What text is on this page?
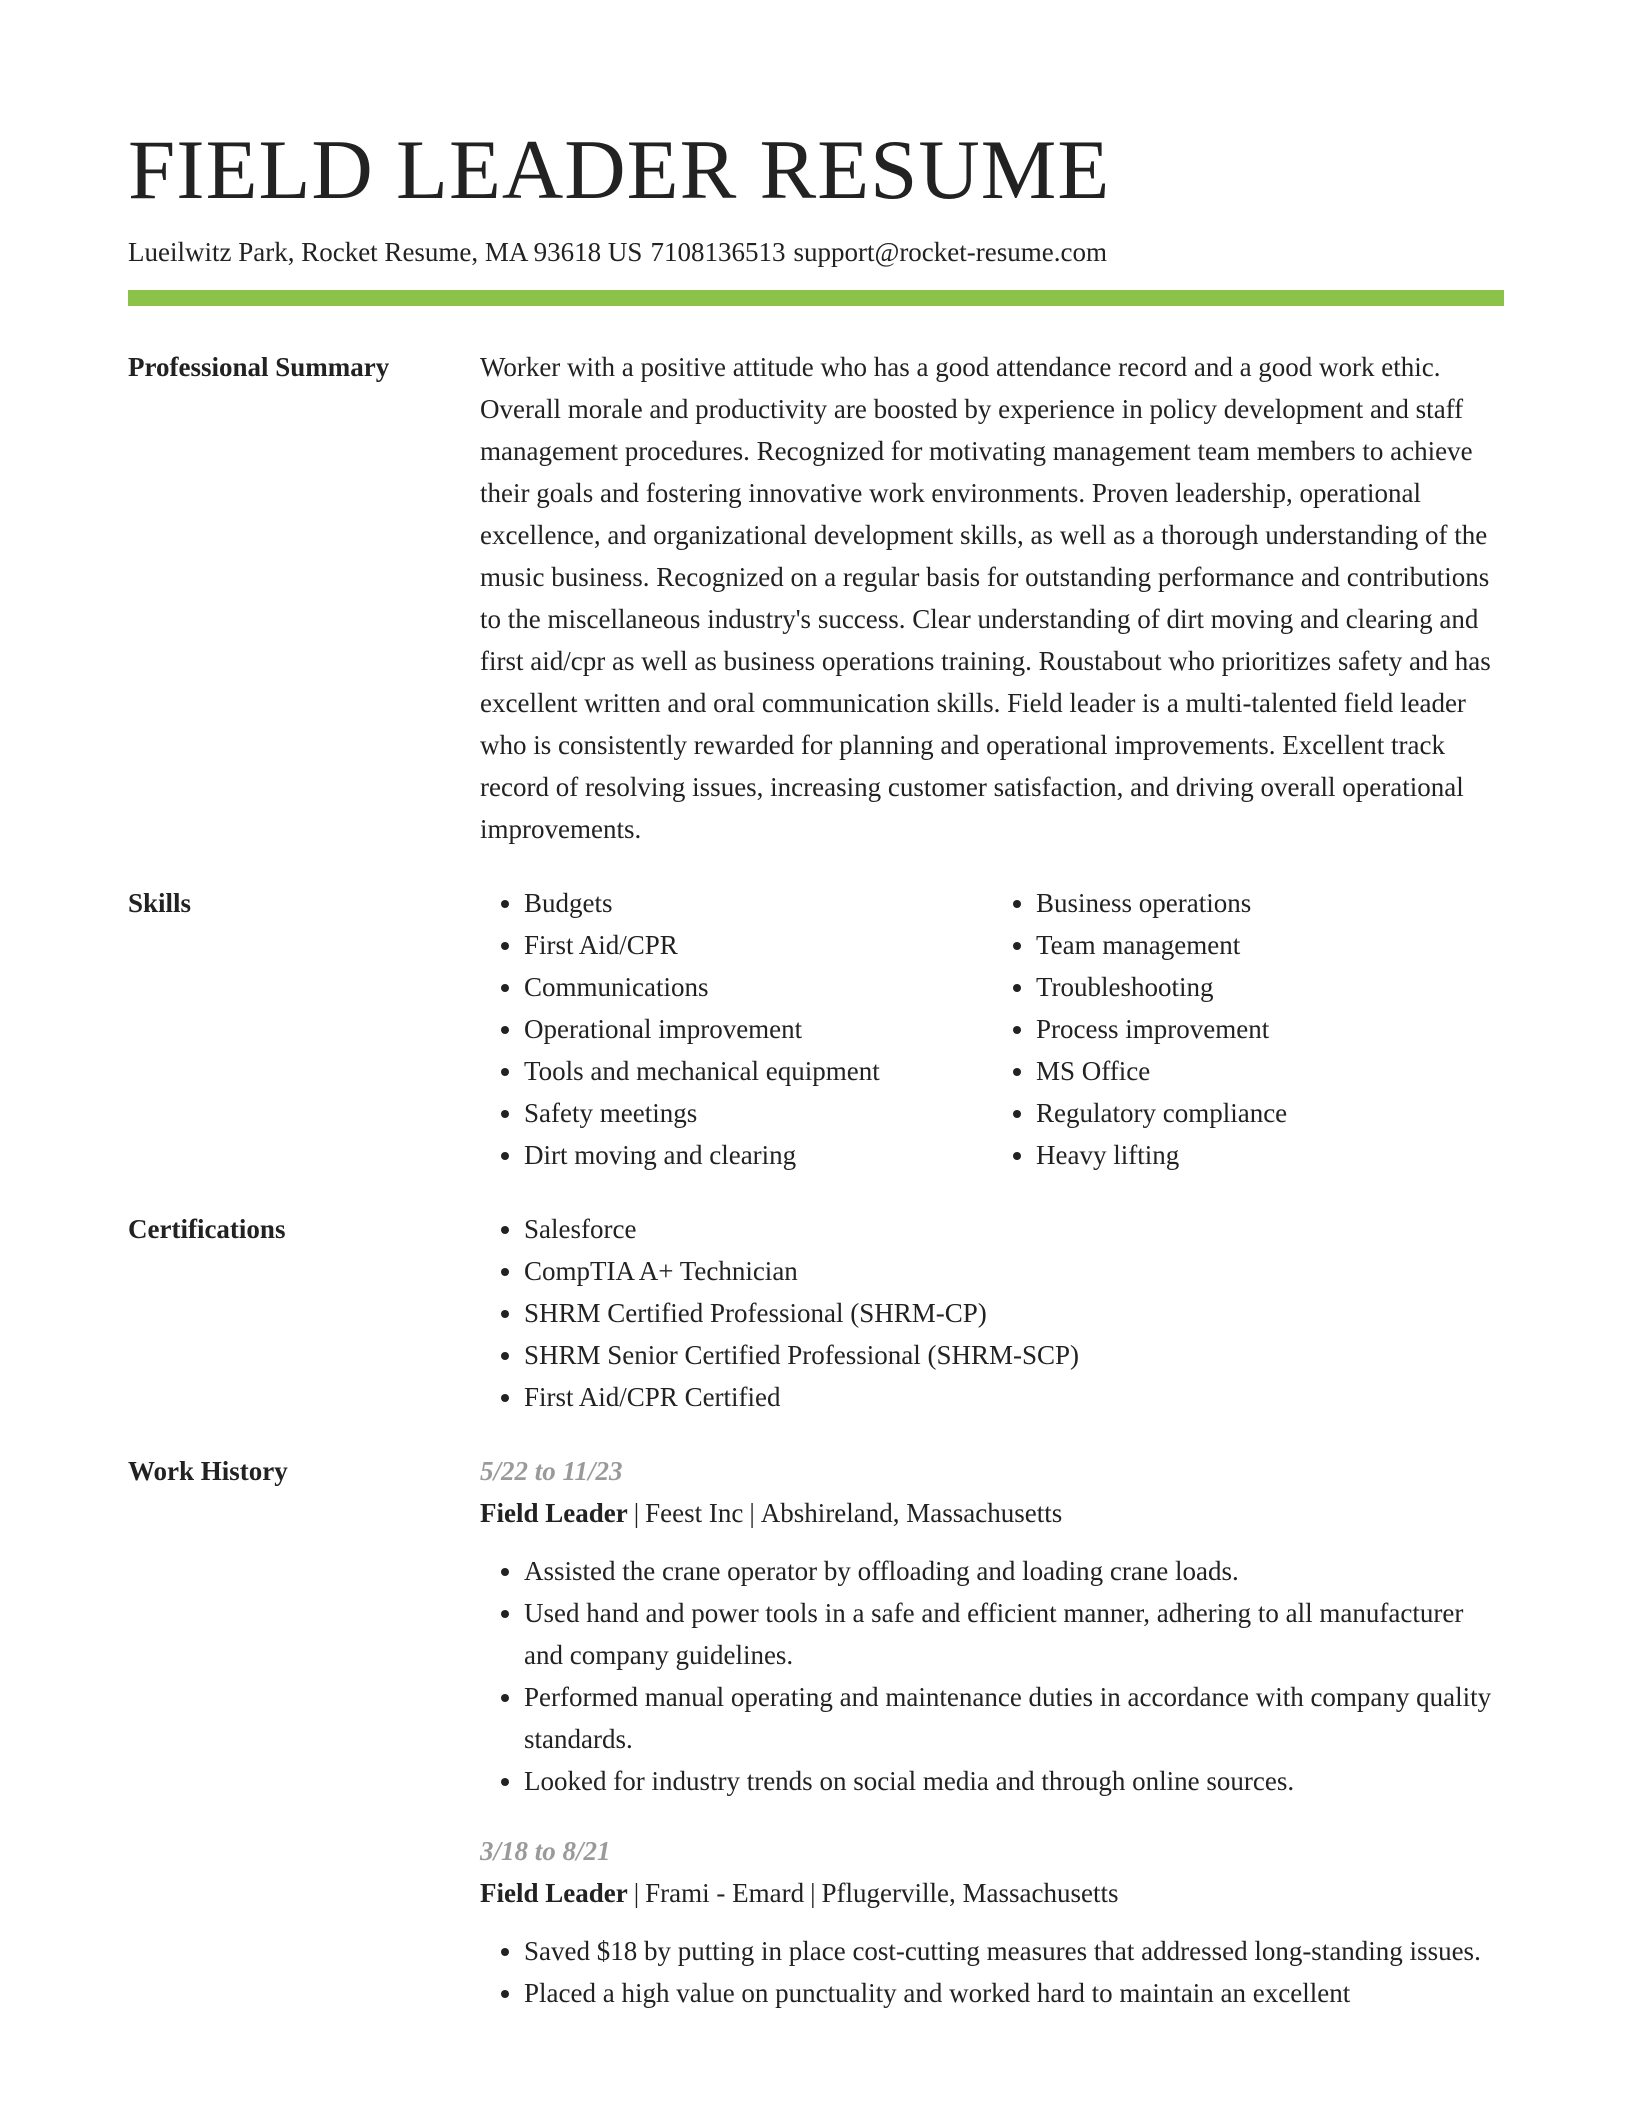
FIELD LEADER RESUME
Lueilwitz Park, Rocket Resume, MA 93618 US 7108136513 support@rocket-resume.com
Professional Summary	Worker with a positive attitude who has a good attendance record and a good work ethic. Overall morale and productivity are boosted by experience in policy development and staff management procedures. Recognized for motivating management team members to achieve their goals and fostering innovative work environments. Proven leadership, operational excellence, and organizational development skills, as well as a thorough understanding of the music business. Recognized on a regular basis for outstanding performance and contributions to the miscellaneous industry's success. Clear understanding of dirt moving and clearing and first aid/cpr as well as business operations training. Roustabout who prioritizes safety and has excellent written and oral communication skills. Field leader is a multi-talented field leader who is consistently rewarded for planning and operational improvements. Excellent track record of resolving issues, increasing customer satisfaction, and driving overall operational improvements.

Skills	• Budgets
• First Aid/CPR
• Communications
• Operational improvement
• Tools and mechanical equipment
• Safety meetings
• Dirt moving and clearing
• Business operations
• Team management
• Troubleshooting
• Process improvement
• MS Office
• Regulatory compliance
• Heavy lifting
Certifications	• Salesforce
• CompTIA A+ Technician
• SHRM Certified Professional (SHRM-CP)
• SHRM Senior Certified Professional (SHRM-SCP)
• First Aid/CPR Certified
Work History	5/22 to 11/23
Field Leader | Feest Inc | Abshireland, Massachusetts
• Assisted the crane operator by offloading and loading crane loads.
• Used hand and power tools in a safe and efficient manner, adhering to all manufacturer and company guidelines.
• Performed manual operating and maintenance duties in accordance with company quality standards.
• Looked for industry trends on social media and through online sources.
3/18 to 8/21
Field Leader | Frami - Emard | Pflugerville, Massachusetts
• Saved $18 by putting in place cost-cutting measures that addressed long-standing issues.
• Placed a high value on punctuality and worked hard to maintain an excellent
